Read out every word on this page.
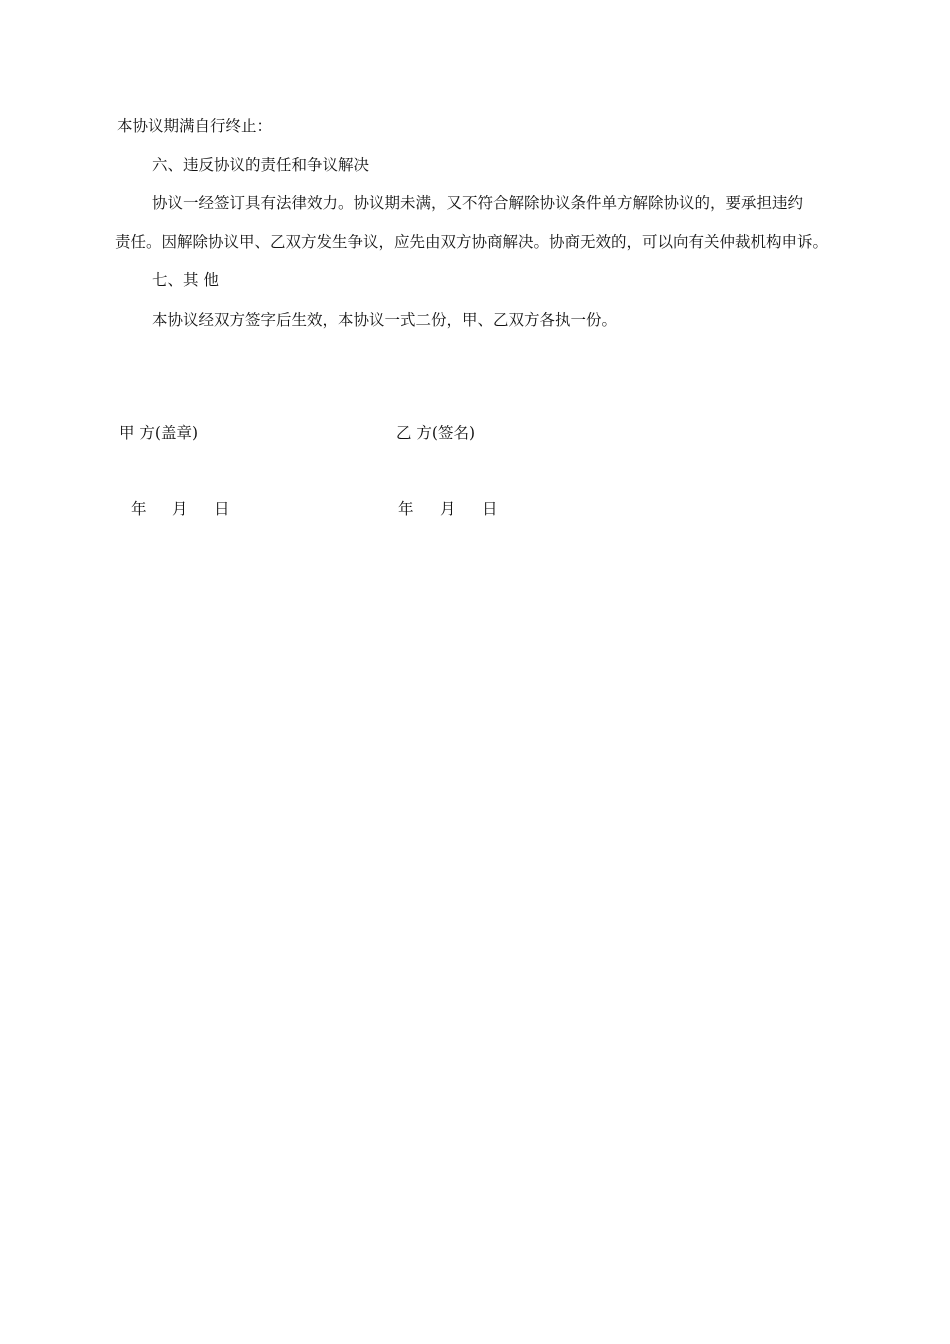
本协议期满自行终止：
六、违反协议的责任和争议解决
协议一经签订具有法律效力。协议期未满，又不符合解除协议条件单方解除协议的，要承担违约
责任。因解除协议甲、乙双方发生争议，应先由双方协商解决。协商无效的，可以向有关仲裁机构申诉。
七、其 他
本协议经双方签字后生效，本协议一式二份，甲、乙双方各执一份。
甲 方(盖章)	乙 方(签名)
年 月 日	年 月 日
